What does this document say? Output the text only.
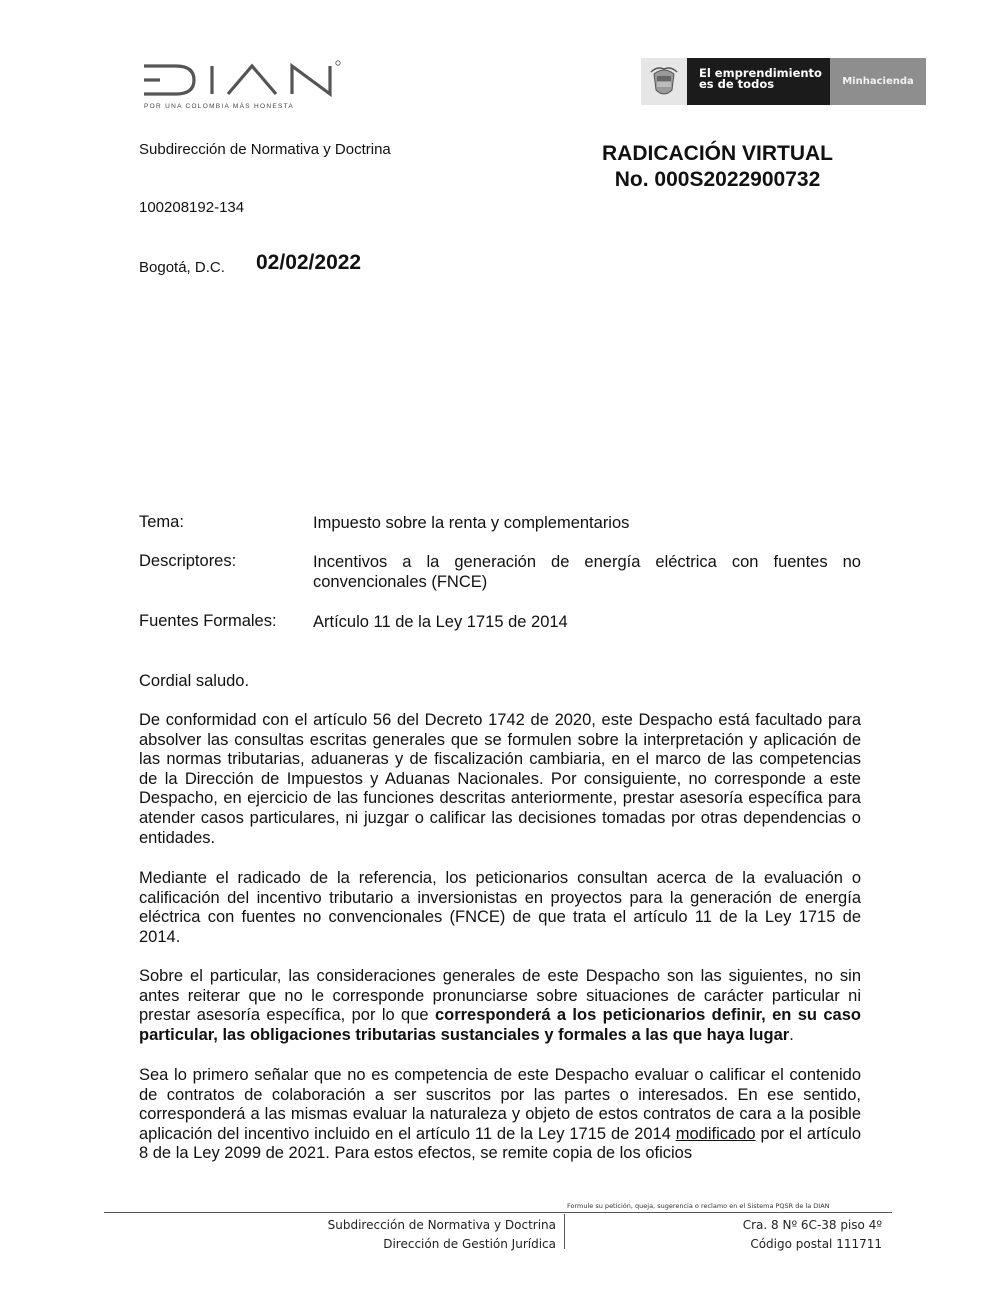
POR UNA COLOMBIA MÁS HONESTA
El emprendimiento es de todos	Minhacienda
Subdirección de Normativa y Doctrina	RADICACIÓN VIRTUAL
No. 000S2022900732
100208192-134
Bogotá, D.C. 02/02/2022
Tema:	Impuesto sobre la renta y complementarios
Descriptores:	Incentivos a la generación de energía eléctrica con fuentes no convencionales (FNCE)
Fuentes Formales: Artículo 11 de la Ley 1715 de 2014
Cordial saludo.
De conformidad con el artículo 56 del Decreto 1742 de 2020, este Despacho está facultado para absolver las consultas escritas generales que se formulen sobre la interpretación y aplicación de las normas tributarias, aduaneras y de fiscalización cambiaria, en el marco de las competencias de la Dirección de Impuestos y Aduanas Nacionales. Por consiguiente, no corresponde a este Despacho, en ejercicio de las funciones descritas anteriormente, prestar asesoría específica para atender casos particulares, ni juzgar o calificar las decisiones tomadas por otras dependencias o entidades.
Mediante el radicado de la referencia, los peticionarios consultan acerca de la evaluación o calificación del incentivo tributario a inversionistas en proyectos para la generación de energía eléctrica con fuentes no convencionales (FNCE) de que trata el artículo 11 de la Ley 1715 de 2014.
Sobre el particular, las consideraciones generales de este Despacho son las siguientes, no sin antes reiterar que no le corresponde pronunciarse sobre situaciones de carácter particular ni prestar asesoría específica, por lo que corresponderá a los peticionarios definir, en su caso particular, las obligaciones tributarias sustanciales y formales a las que haya lugar.
Sea lo primero señalar que no es competencia de este Despacho evaluar o calificar el contenido de contratos de colaboración a ser suscritos por las partes o interesados. En ese sentido, corresponderá a las mismas evaluar la naturaleza y objeto de estos contratos de cara a la posible aplicación del incentivo incluido en el artículo 11 de la Ley 1715 de 2014 modificado por el artículo 8 de la Ley 2099 de 2021. Para estos efectos, se remite copia de los oficios
Formule su petición, queja, sugerencia o reclamo en el Sistema PQSR de la DIAN
Subdirección de Normativa y Doctrina
Dirección de Gestión Jurídica
Cra. 8 Nº 6C-38 piso 4º
Código postal 111711
